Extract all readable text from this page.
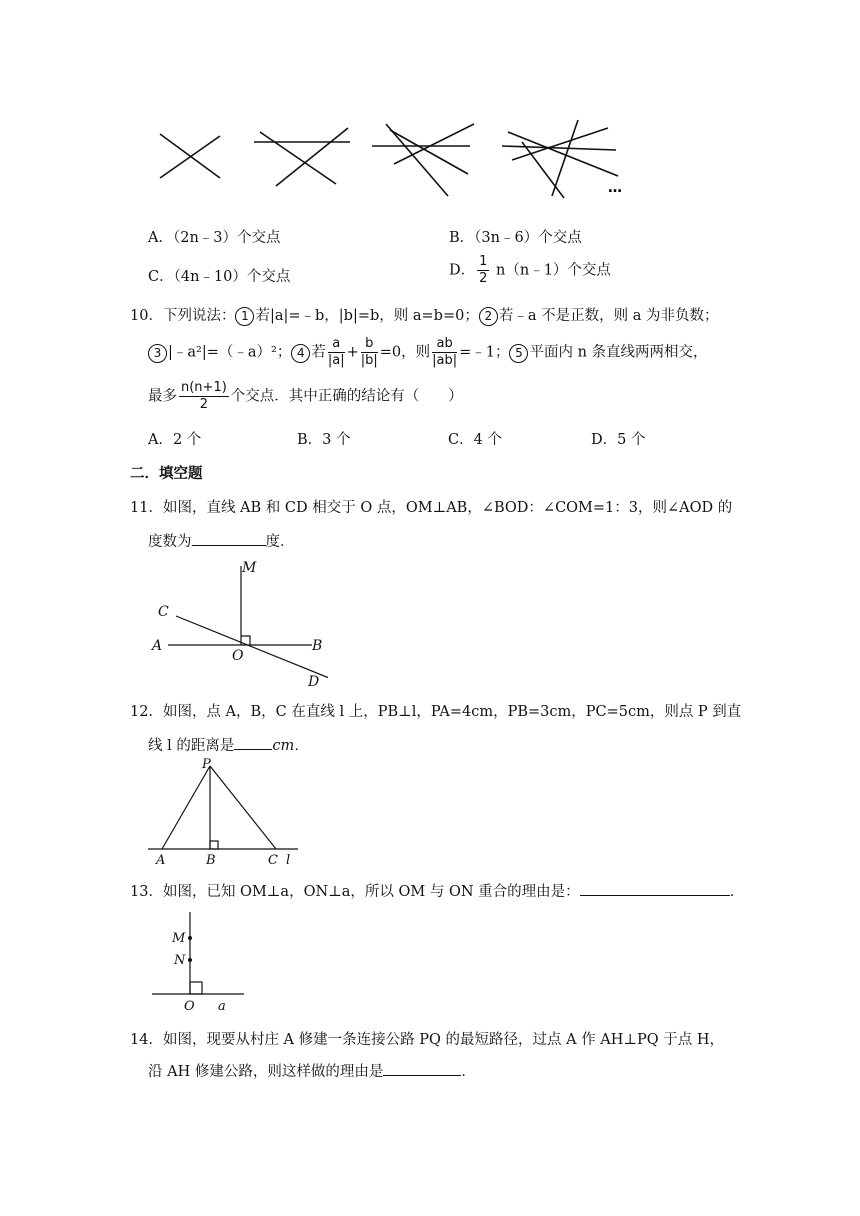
…
A．（2n﹣3）个交点	B．（3n﹣6）个交点
C．（4n﹣10）个交点	D． $\frac{1}{2}$ n（n﹣1）个交点
10．下列说法： 1 若|a|=﹣b，|b|=b，则 a=b=0； 2 若﹣a 不是正数，则 a 为非负数；
3 |﹣a²|=（﹣a）²； 4 若 $\frac{a}{|a|} + \frac{b}{|b|} =0$，则 $\frac{ab}{|ab|}$ =﹣1； 5 平面内 n 条直线两两相交，
最多 $\frac{n(n+1)}{2}$ 个交点．其中正确的结论有（　　）
A．2 个	B．3 个	C．4 个	D．5 个
二．填空题
11．如图，直线 AB 和 CD 相交于 O 点，OM⊥AB，∠BOD：∠COM=1：3，则∠AOD 的
度数为	度．
M
C
A
O
B
D
12．如图，点 A，B，C 在直线 l 上，PB⊥l，PA=4cm，PB=3cm，PC=5cm，则点 P 到直
线 l 的距离是	cm．
P
A	B	C l
13．如图，已知 OM⊥a，ON⊥a，所以 OM 与 ON 重合的理由是：	．
M
N
O a
14．如图，现要从村庄 A 修建一条连接公路 PQ 的最短路径，过点 A 作 AH⊥PQ 于点 H，
沿 AH 修建公路，则这样做的理由是	．
